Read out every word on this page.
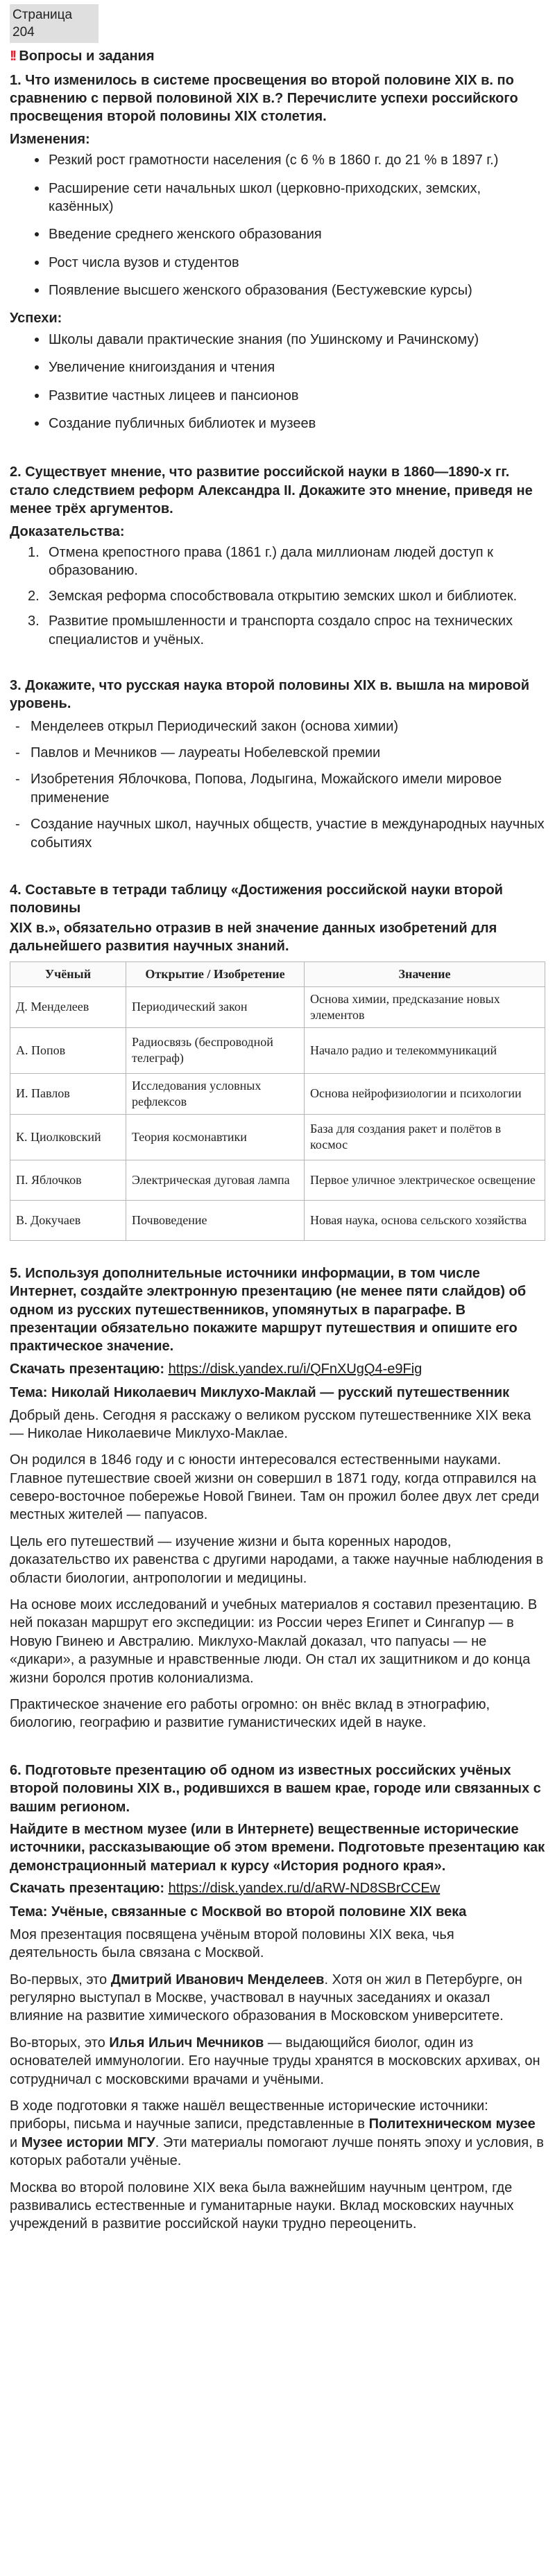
Страница 204
!! Вопросы и задания
1. Что изменилось в системе просвещения во второй половине XIX в. по сравнению с первой половиной XIX в.? Перечислите успехи российского просвещения второй половины XIX столетия.
Изменения:
Резкий рост грамотности населения (с 6 % в 1860 г. до 21 % в 1897 г.)
Расширение сети начальных школ (церковно-приходских, земских, казённых)
Введение среднего женского образования
Рост числа вузов и студентов
Появление высшего женского образования (Бестужевские курсы)
Успехи:
Школы давали практические знания (по Ушинскому и Рачинскому)
Увеличение книгоиздания и чтения
Развитие частных лицеев и пансионов
Создание публичных библиотек и музеев
2. Существует мнение, что развитие российской науки в 1860—1890-х гг. стало следствием реформ Александра II. Докажите это мнение, приведя не менее трёх аргументов.
Доказательства:
1. Отмена крепостного права (1861 г.) дала миллионам людей доступ к образованию.
2. Земская реформа способствовала открытию земских школ и библиотек.
3. Развитие промышленности и транспорта создало спрос на технических специалистов и учёных.
3. Докажите, что русская наука второй половины XIX в. вышла на мировой уровень.
- Менделеев открыл Периодический закон (основа химии)
- Павлов и Мечников — лауреаты Нобелевской премии
- Изобретения Яблочкова, Попова, Лодыгина, Можайского имели мировое применение
- Создание научных школ, научных обществ, участие в международных научных событиях
4. Составьте в тетради таблицу «Достижения российской науки второй половины
XIX в.», обязательно отразив в ней значение данных изобретений для дальнейшего развития научных знаний.
Учёный	Открытие / Изобретение	Значение
Д. Менделеев	Периодический закон	Основа химии, предсказание новых элементов
А. Попов	Радиосвязь (беспроводной телеграф)	Начало радио и телекоммуникаций
И. Павлов	Исследования условных рефлексов	Основа нейрофизиологии и психологии
К. Циолковский	Теория космонавтики	База для создания ракет и полётов в космос
П. Яблочков	Электрическая дуговая лампа	Первое уличное электрическое освещение
В. Докучаев	Почвоведение	Новая наука, основа сельского хозяйства
5. Используя дополнительные источники информации, в том числе Интернет, создайте электронную презентацию (не менее пяти слайдов) об одном из русских путешественников, упомянутых в параграфе. В презентации обязательно покажите маршрут путешествия и опишите его практическое значение.
Скачать презентацию: https://disk.yandex.ru/i/QFnXUgQ4-e9Fig
Тема: Николай Николаевич Миклухо-Маклай — русский путешественник

Добрый день. Сегодня я расскажу о великом русском путешественнике XIX века — Николае Николаевиче Миклухо-Маклае.

Он родился в 1846 году и с юности интересовался естественными науками. Главное путешествие своей жизни он совершил в 1871 году, когда отправился на северо-восточное побережье Новой Гвинеи. Там он прожил более двух лет среди местных жителей — папуасов.

Цель его путешествий — изучение жизни и быта коренных народов, доказательство их равенства с другими народами, а также научные наблюдения в области биологии, антропологии и медицины.

На основе моих исследований и учебных материалов я составил презентацию. В ней показан маршрут его экспедиции: из России через Египет и Сингапур — в Новую Гвинею и Австралию. Миклухо-Маклай доказал, что папуасы — не «дикари», а разумные и нравственные люди. Он стал их защитником и до конца жизни боролся против колониализма.

Практическое значение его работы огромно: он внёс вклад в этнографию, биологию, географию и развитие гуманистических идей в науке.

6. Подготовьте презентацию об одном из известных российских учёных второй половины XIX в., родившихся в вашем крае, городе или связанных с вашим регионом.
Найдите в местном музее (или в Интернете) вещественные исторические источники, рассказывающие об этом времени. Подготовьте презентацию как демонстрационный материал к курсу «История родного края».
Скачать презентацию: https://disk.yandex.ru/d/aRW-ND8SBrCCEw
Тема: Учёные, связанные с Москвой во второй половине XIX века

Моя презентация посвящена учёным второй половины XIX века, чья деятельность была связана с Москвой.

Во-первых, это Дмитрий Иванович Менделеев. Хотя он жил в Петербурге, он регулярно выступал в Москве, участвовал в научных заседаниях и оказал влияние на развитие химического образования в Московском университете.

Во-вторых, это Илья Ильич Мечников — выдающийся биолог, один из основателей иммунологии. Его научные труды хранятся в московских архивах, он сотрудничал с московскими врачами и учёными.

В ходе подготовки я также нашёл вещественные исторические источники: приборы, письма и научные записи, представленные в Политехническом музее и Музее истории МГУ. Эти материалы помогают лучше понять эпоху и условия, в которых работали учёные.

Москва во второй половине XIX века была важнейшим научным центром, где развивались естественные и гуманитарные науки. Вклад московских научных учреждений в развитие российской науки трудно переоценить.
